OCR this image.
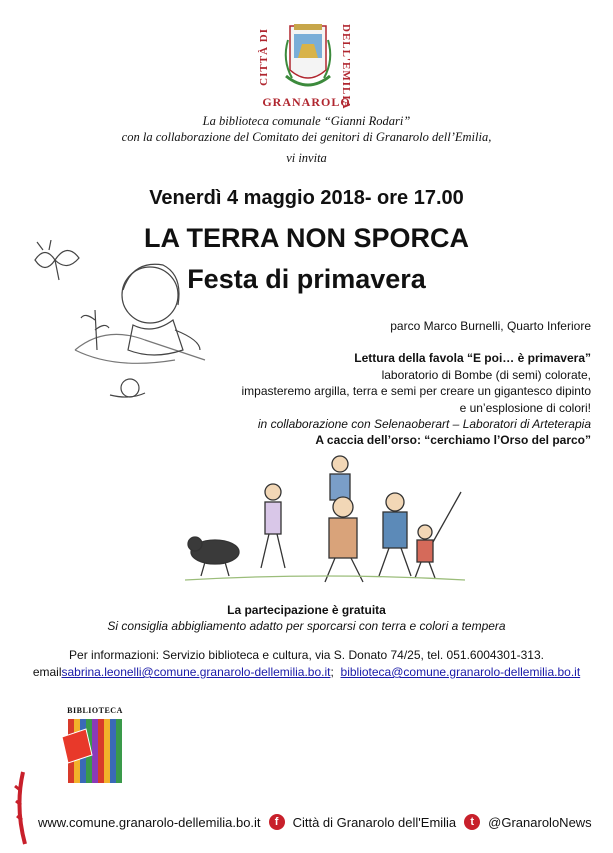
CITTÀ DI	DELL'EMILIA
GRANAROLO
La biblioteca comunale “Gianni Rodari”
con la collaborazione del Comitato dei genitori di Granarolo dell’Emilia,
vi invita
Venerdì 4 maggio 2018- ore 17.00
LA TERRA NON SPORCA
Festa di primavera
parco Marco Burnelli, Quarto Inferiore
Lettura della favola “E poi… è primavera”
laboratorio di Bombe (di semi) colorate,
impasteremo argilla, terra e semi per creare un gigantesco dipinto
e un’esplosione di colori!
in collaborazione con Selenaoberart – Laboratori di Arteterapia
A caccia dell’orso: “cerchiamo l’Orso del parco”
La partecipazione è gratuita
Si consiglia abbigliamento adatto per sporcarsi con terra e colori a tempera
Per informazioni: Servizio biblioteca e cultura, via S. Donato 74/25, tel. 051.6004301-313.
emailsabrina.leonelli@comune.granarolo-dellemilia.bo.it; biblioteca@comune.granarolo-dellemilia.bo.it
BIBLIOTECA
www.comune.granarolo-dellemilia.bo.it	f	Città di Granarolo dell'Emilia	t	@GranaroloNews
